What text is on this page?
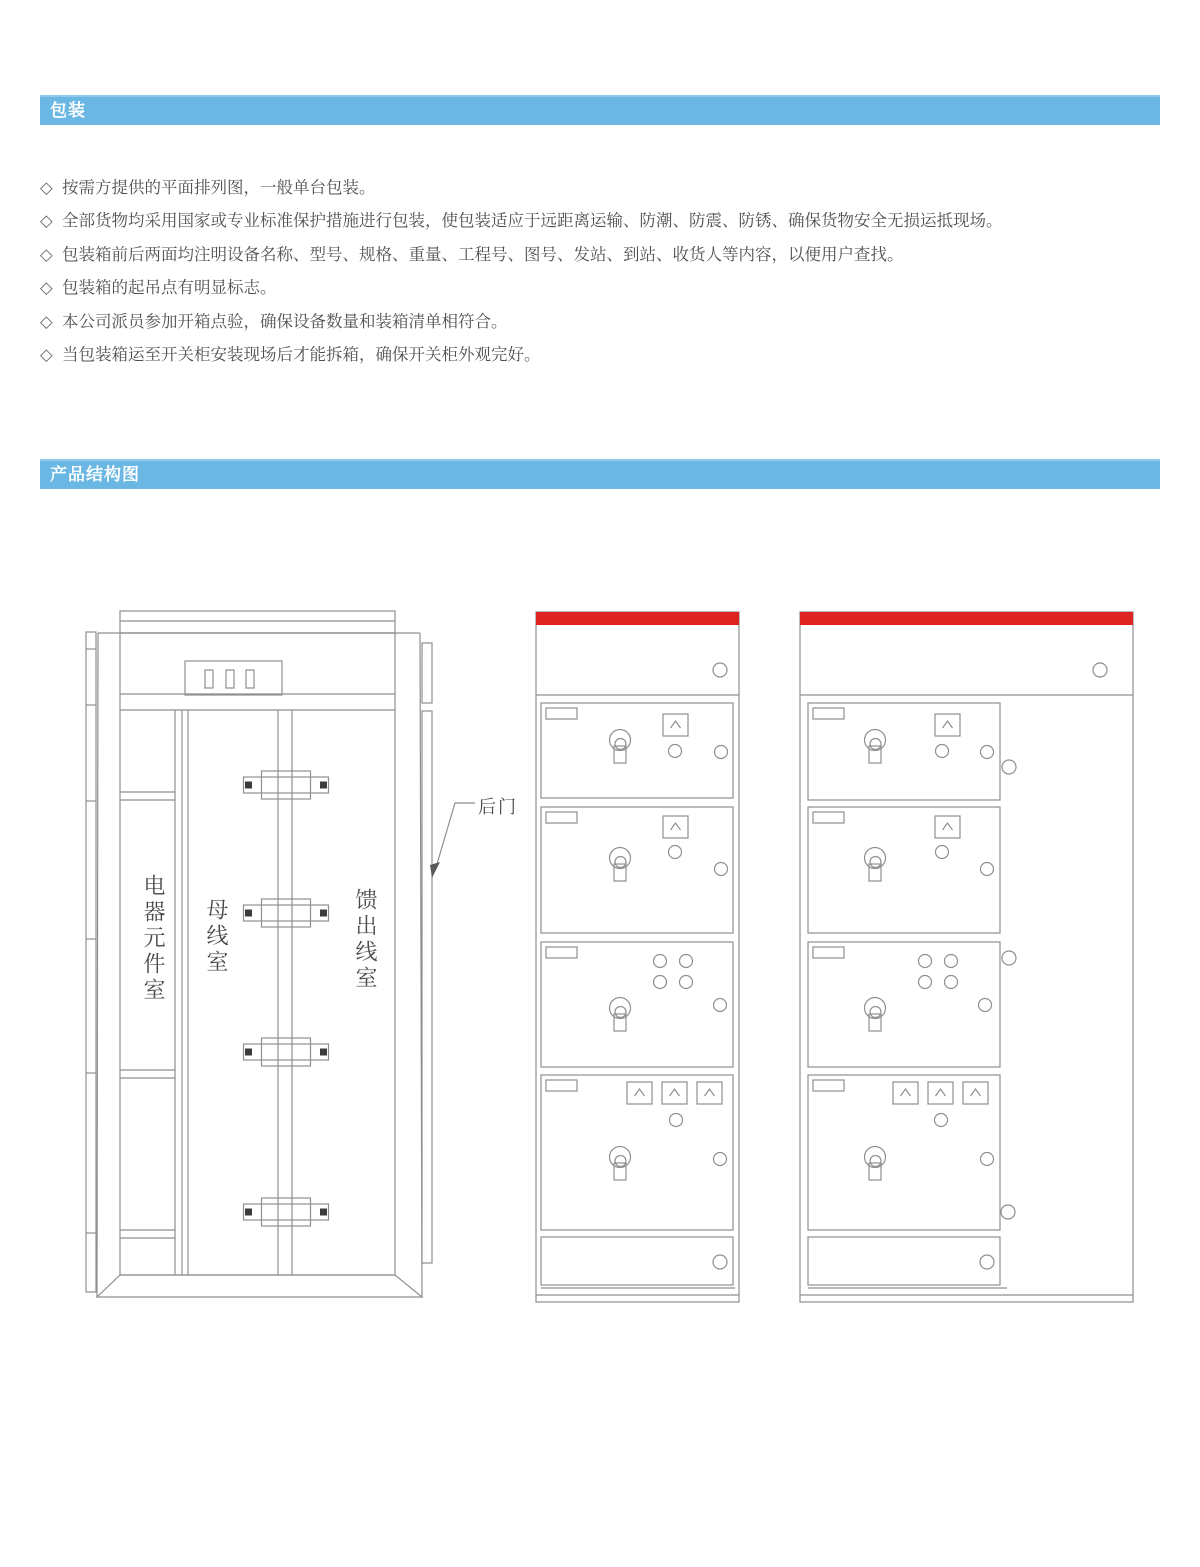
包装
◇ 按需方提供的平面排列图，一般单台包装。
◇ 全部货物均采用国家或专业标准保护措施进行包装，使包装适应于远距离运输、防潮、防震、防锈、确保货物安全无损运抵现场。
◇ 包装箱前后两面均注明设备名称、型号、规格、重量、工程号、图号、发站、到站、收货人等内容，以便用户查找。
◇ 包装箱的起吊点有明显标志。
◇ 本公司派员参加开箱点验，确保设备数量和装箱清单相符合。
◇ 当包装箱运至开关柜安装现场后才能拆箱，确保开关柜外观完好。
产品结构图
电器元件室 母线室	馈出线室
后门
